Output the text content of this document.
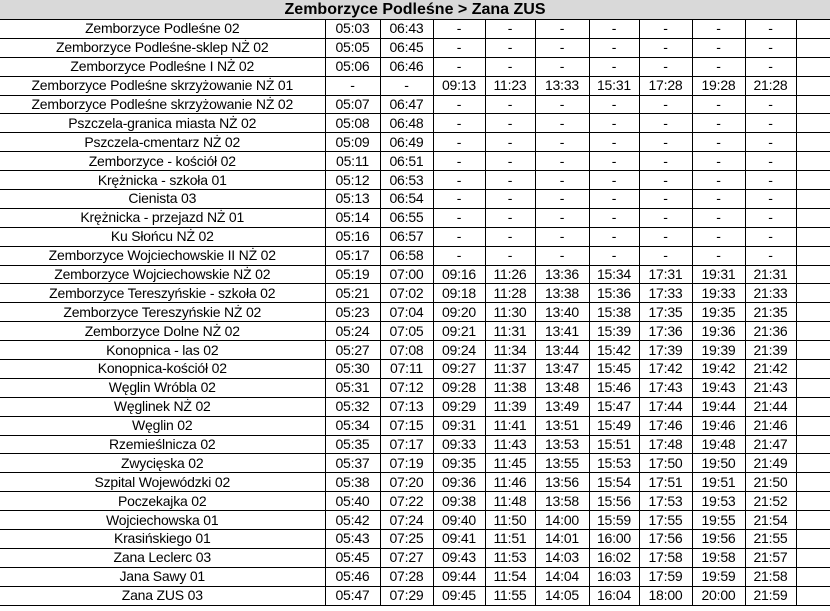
Zemborzyce Podleśne > Zana ZUS
Zemborzyce Podleśne 02	05:03	06:43	-	-	-	-	-	-	-	
Zemborzyce Podleśne-sklep NŻ 02	05:05	06:45	-	-	-	-	-	-	-	
Zemborzyce Podleśne I NŻ 02	05:06	06:46	-	-	-	-	-	-	-	
Zemborzyce Podleśne skrzyżowanie NŻ 01	-	-	09:13	11:23	13:33	15:31	17:28	19:28	21:28	
Zemborzyce Podleśne skrzyżowanie NŻ 02	05:07	06:47	-	-	-	-	-	-	-	
Pszczela-granica miasta NŻ 02	05:08	06:48	-	-	-	-	-	-	-	
Pszczela-cmentarz NŻ 02	05:09	06:49	-	-	-	-	-	-	-	
Zemborzyce - kościół 02	05:11	06:51	-	-	-	-	-	-	-	
Krężnicka - szkoła 01	05:12	06:53	-	-	-	-	-	-	-	
Cienista 03	05:13	06:54	-	-	-	-	-	-	-	
Krężnicka - przejazd NŻ 01	05:14	06:55	-	-	-	-	-	-	-	
Ku Słońcu NŻ 02	05:16	06:57	-	-	-	-	-	-	-	
Zemborzyce Wojciechowskie II NŻ 02	05:17	06:58	-	-	-	-	-	-	-	
Zemborzyce Wojciechowskie NŻ 02	05:19	07:00	09:16	11:26	13:36	15:34	17:31	19:31	21:31	
Zemborzyce Tereszyńskie - szkoła 02	05:21	07:02	09:18	11:28	13:38	15:36	17:33	19:33	21:33	
Zemborzyce Tereszyńskie NŻ 02	05:23	07:04	09:20	11:30	13:40	15:38	17:35	19:35	21:35	
Zemborzyce Dolne NŻ 02	05:24	07:05	09:21	11:31	13:41	15:39	17:36	19:36	21:36	
Konopnica - las 02	05:27	07:08	09:24	11:34	13:44	15:42	17:39	19:39	21:39	
Konopnica-kościół 02	05:30	07:11	09:27	11:37	13:47	15:45	17:42	19:42	21:42	
Węglin Wróbla 02	05:31	07:12	09:28	11:38	13:48	15:46	17:43	19:43	21:43	
Węglinek NŻ 02	05:32	07:13	09:29	11:39	13:49	15:47	17:44	19:44	21:44	
Węglin 02	05:34	07:15	09:31	11:41	13:51	15:49	17:46	19:46	21:46	
Rzemieślnicza 02	05:35	07:17	09:33	11:43	13:53	15:51	17:48	19:48	21:47	
Zwycięska 02	05:37	07:19	09:35	11:45	13:55	15:53	17:50	19:50	21:49	
Szpital Wojewódzki 02	05:38	07:20	09:36	11:46	13:56	15:54	17:51	19:51	21:50	
Poczekajka 02	05:40	07:22	09:38	11:48	13:58	15:56	17:53	19:53	21:52	
Wojciechowska 01	05:42	07:24	09:40	11:50	14:00	15:59	17:55	19:55	21:54	
Krasińskiego 01	05:43	07:25	09:41	11:51	14:01	16:00	17:56	19:56	21:55	
Zana Leclerc 03	05:45	07:27	09:43	11:53	14:03	16:02	17:58	19:58	21:57	
Jana Sawy 01	05:46	07:28	09:44	11:54	14:04	16:03	17:59	19:59	21:58	
Zana ZUS 03	05:47	07:29	09:45	11:55	14:05	16:04	18:00	20:00	21:59	
